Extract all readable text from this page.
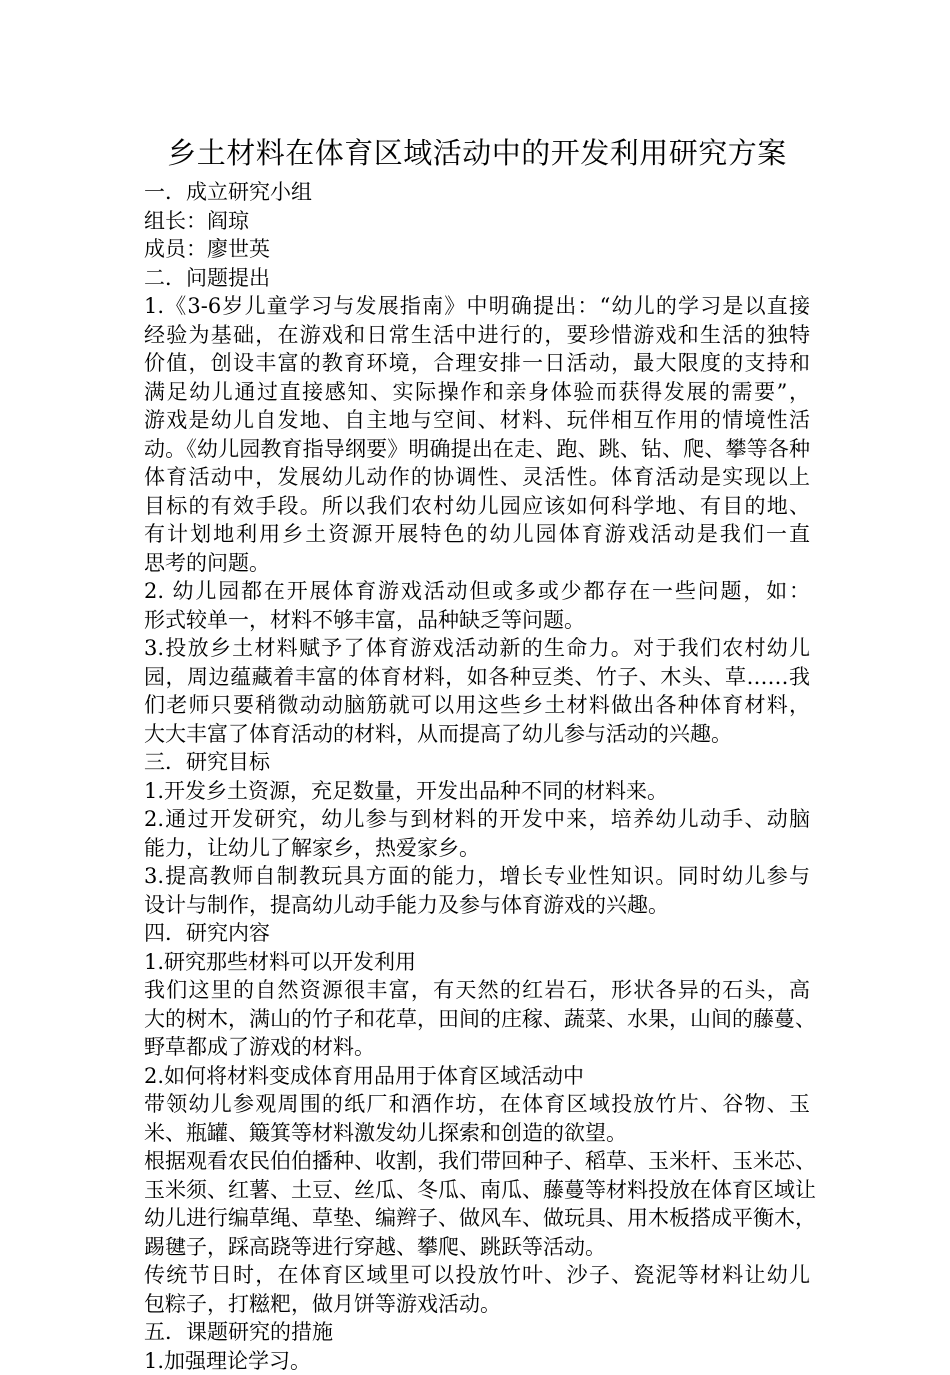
乡土材料在体育区域活动中的开发利用研究方案

一．成立研究小组

组长：阎琼

成员：廖世英

二．问题提出

1.《3-6岁儿童学习与发展指南》中明确提出：“幼儿的学习是以直接

经验为基础，在游戏和日常生活中进行的，要珍惜游戏和生活的独特

价值，创设丰富的教育环境，合理安排一日活动，最大限度的支持和

满足幼儿通过直接感知、实际操作和亲身体验而获得发展的需要”，

游戏是幼儿自发地、自主地与空间、材料、玩伴相互作用的情境性活

动。《幼儿园教育指导纲要》明确提出在走、跑、跳、钻、爬、攀等各种

体育活动中，发展幼儿动作的协调性、灵活性。体育活动是实现以上

目标的有效手段。所以我们农村幼儿园应该如何科学地、有目的地、

有计划地利用乡土资源开展特色的幼儿园体育游戏活动是我们一直

思考的问题。

2. 幼儿园都在开展体育游戏活动但或多或少都存在一些问题，如：

形式较单一，材料不够丰富，品种缺乏等问题。

3.投放乡土材料赋予了体育游戏活动新的生命力。对于我们农村幼儿

园，周边蕴藏着丰富的体育材料，如各种豆类、竹子、木头、草……我

们老师只要稍微动动脑筋就可以用这些乡土材料做出各种体育材料，

大大丰富了体育活动的材料，从而提高了幼儿参与活动的兴趣。

三．研究目标

1.开发乡土资源，充足数量，开发出品种不同的材料来。

2.通过开发研究，幼儿参与到材料的开发中来，培养幼儿动手、动脑

能力，让幼儿了解家乡，热爱家乡。

3.提高教师自制教玩具方面的能力，增长专业性知识。同时幼儿参与

设计与制作，提高幼儿动手能力及参与体育游戏的兴趣。

四．研究内容

1.研究那些材料可以开发利用

我们这里的自然资源很丰富，有天然的红岩石，形状各异的石头，高

大的树木，满山的竹子和花草，田间的庄稼、蔬菜、水果，山间的藤蔓、

野草都成了游戏的材料。

2.如何将材料变成体育用品用于体育区域活动中

带领幼儿参观周围的纸厂和酒作坊，在体育区域投放竹片、谷物、玉

米、瓶罐、簸箕等材料激发幼儿探索和创造的欲望。

根据观看农民伯伯播种、收割，我们带回种子、稻草、玉米杆、玉米芯、

玉米须、红薯、土豆、丝瓜、冬瓜、南瓜、藤蔓等材料投放在体育区域让

幼儿进行编草绳、草垫、编辫子、做风车、做玩具、用木板搭成平衡木，

踢毽子，踩高跷等进行穿越、攀爬、跳跃等活动。

传统节日时，在体育区域里可以投放竹叶、沙子、瓷泥等材料让幼儿

包粽子，打糍粑，做月饼等游戏活动。

五．课题研究的措施

1.加强理论学习。
